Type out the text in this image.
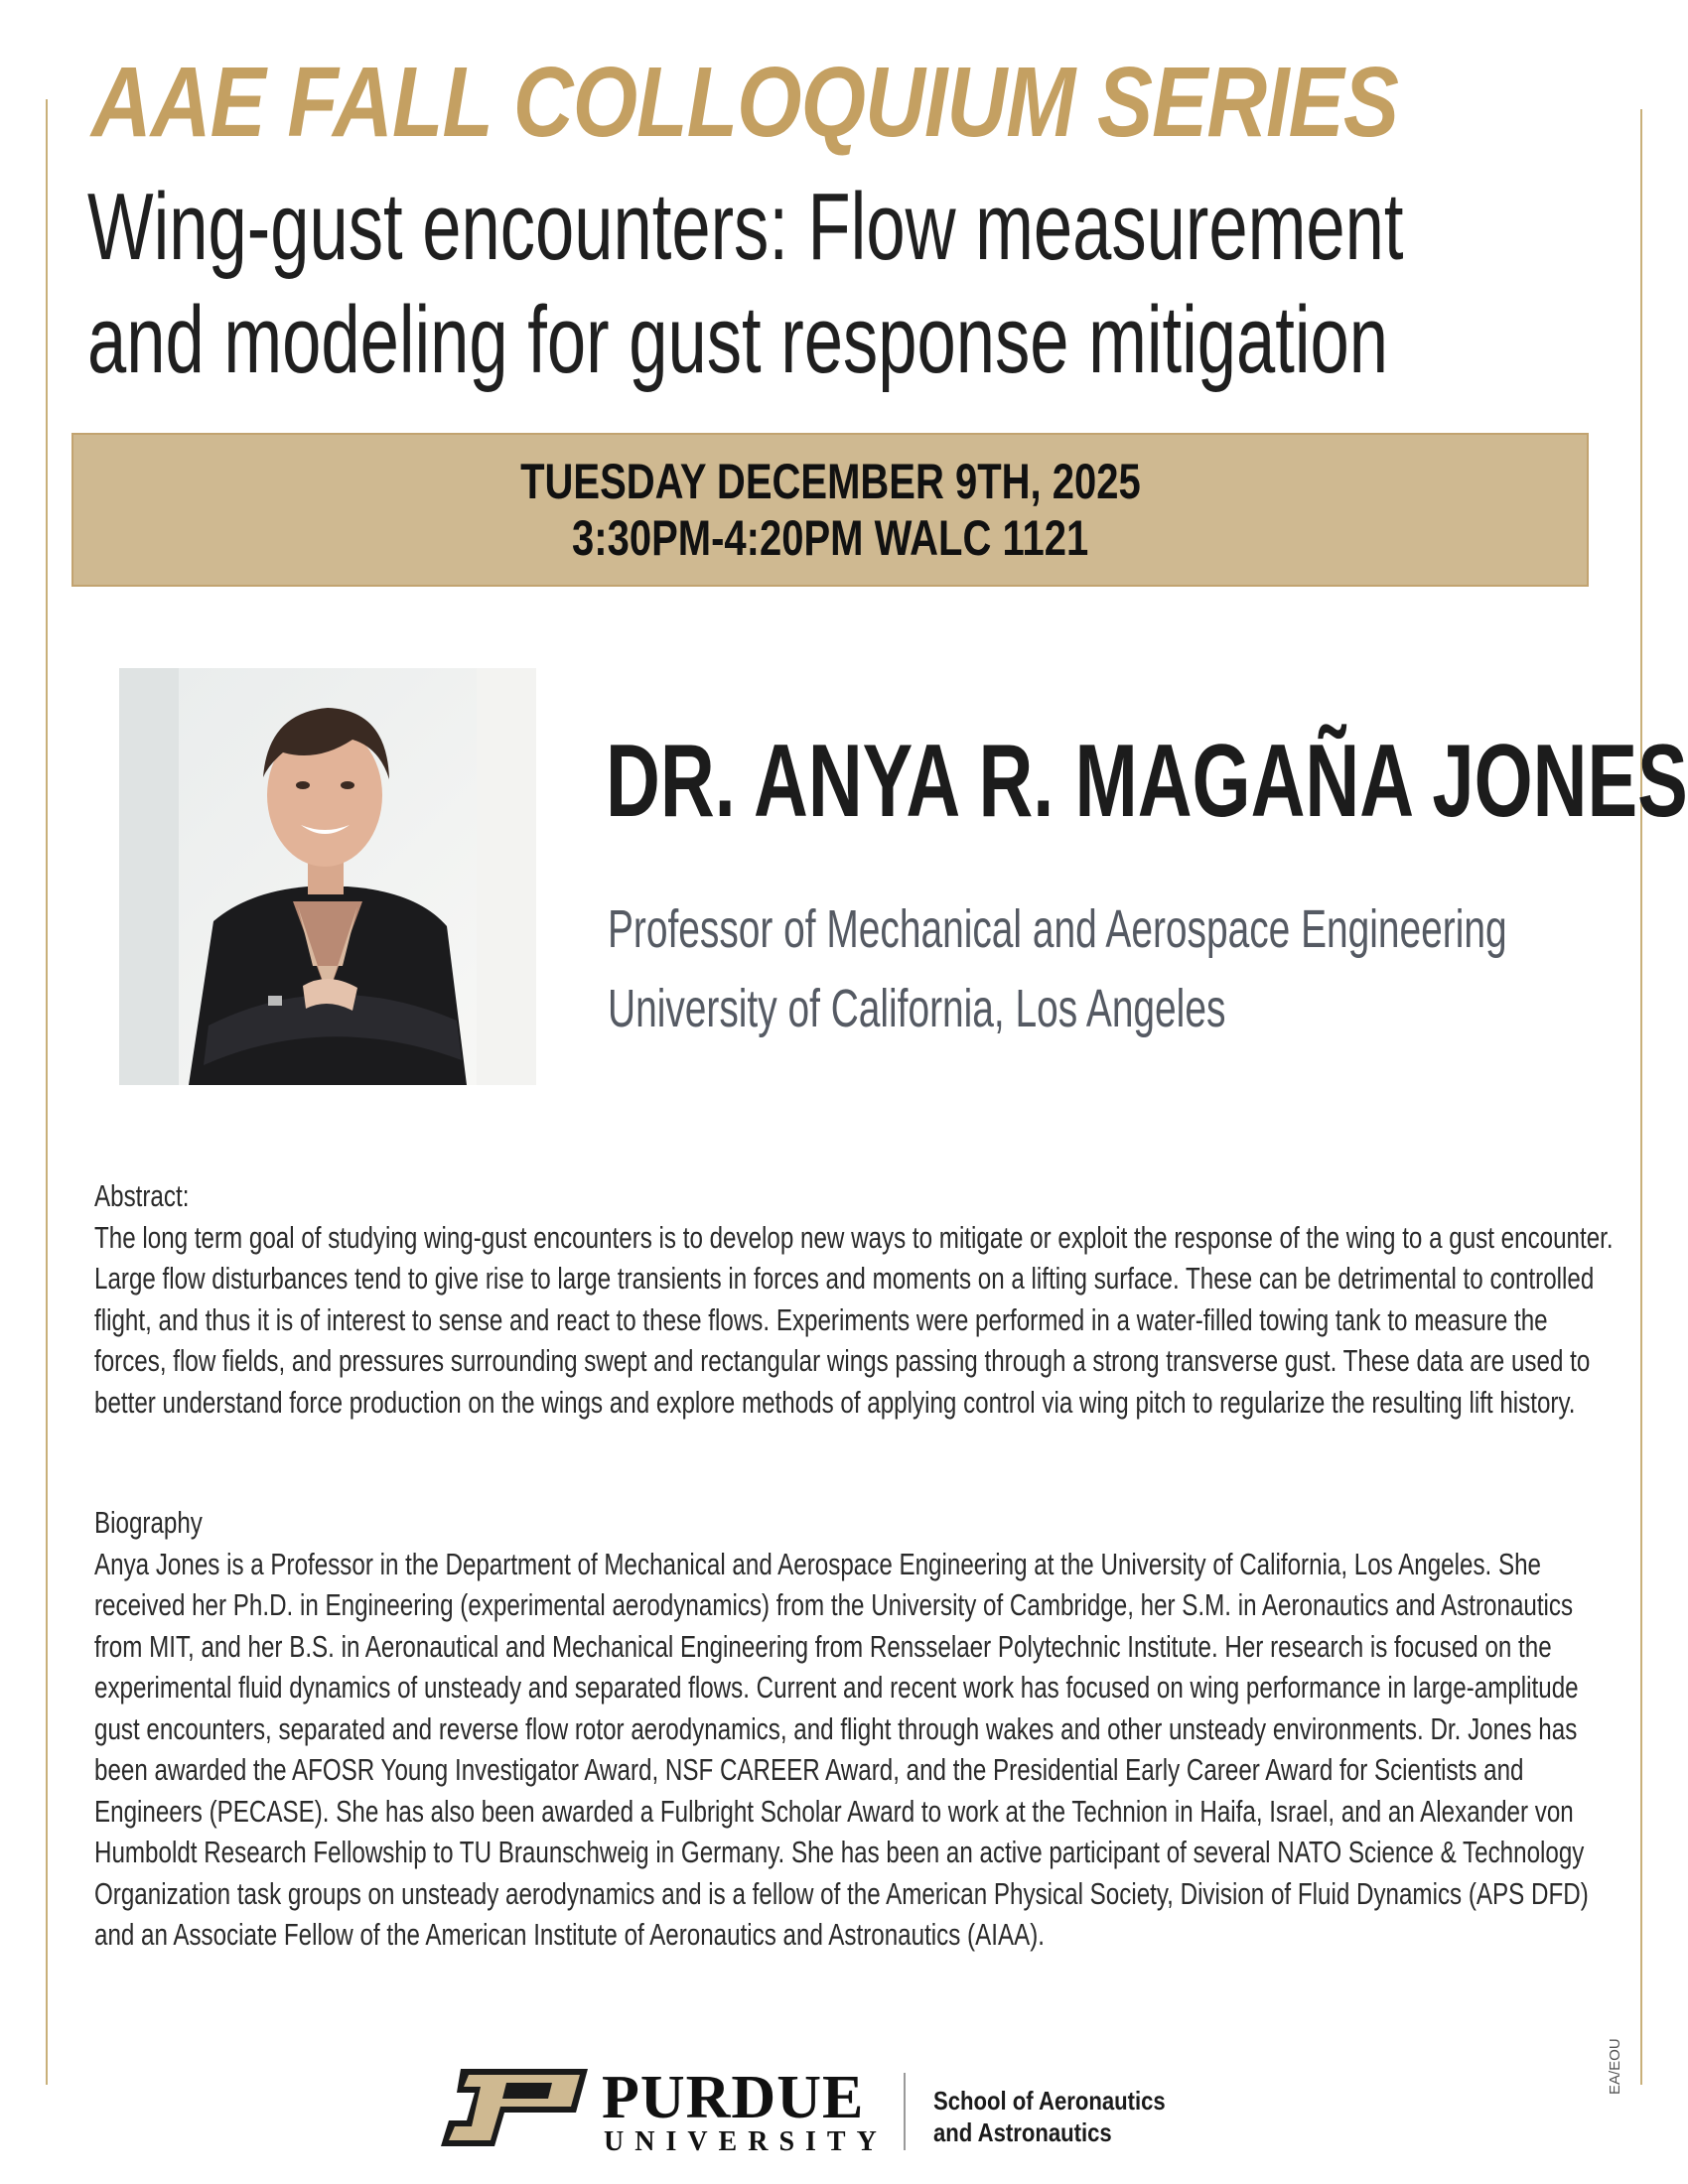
AAE FALL COLLOQUIUM SERIES
Wing-gust encounters: Flow measurement
and modeling for gust response mitigation
TUESDAY DECEMBER 9TH, 2025
3:30PM-4:20PM WALC 1121
DR. ANYA R. MAGAÑA JONES
Professor of Mechanical and Aerospace Engineering
University of California, Los Angeles

Abstract:

The long term goal of studying wing-gust encounters is to develop new ways to mitigate or exploit the response of the wing to a gust encounter. Large flow disturbances tend to give rise to large transients in forces and moments on a lifting surface. These can be detrimental to controlled flight, and thus it is of interest to sense and react to these flows. Experiments were performed in a water-filled towing tank to measure the forces, flow fields, and pressures surrounding swept and rectangular wings passing through a strong transverse gust. These data are used to better understand force production on the wings and explore methods of applying control via wing pitch to regularize the resulting lift history.

Biography

Anya Jones is a Professor in the Department of Mechanical and Aerospace Engineering at the University of California, Los Angeles. She received her Ph.D. in Engineering (experimental aerodynamics) from the University of Cambridge, her S.M. in Aeronautics and Astronautics from MIT, and her B.S. in Aeronautical and Mechanical Engineering from Rensselaer Polytechnic Institute. Her research is focused on the experimental fluid dynamics of unsteady and separated flows. Current and recent work has focused on wing performance in large-amplitude gust encounters, separated and reverse flow rotor aerodynamics, and flight through wakes and other unsteady environments. Dr. Jones has been awarded the AFOSR Young Investigator Award, NSF CAREER Award, and the Presidential Early Career Award for Scientists and Engineers (PECASE). She has also been awarded a Fulbright Scholar Award to work at the Technion in Haifa, Israel, and an Alexander von Humboldt Research Fellowship to TU Braunschweig in Germany. She has been an active participant of several NATO Science & Technology Organization task groups on unsteady aerodynamics and is a fellow of the American Physical Society, Division of Fluid Dynamics (APS DFD) and an Associate Fellow of the American Institute of Aeronautics and Astronautics (AIAA).

PURDUE
UNIVERSITY
School of Aeronautics
and Astronautics
EA/EOU
